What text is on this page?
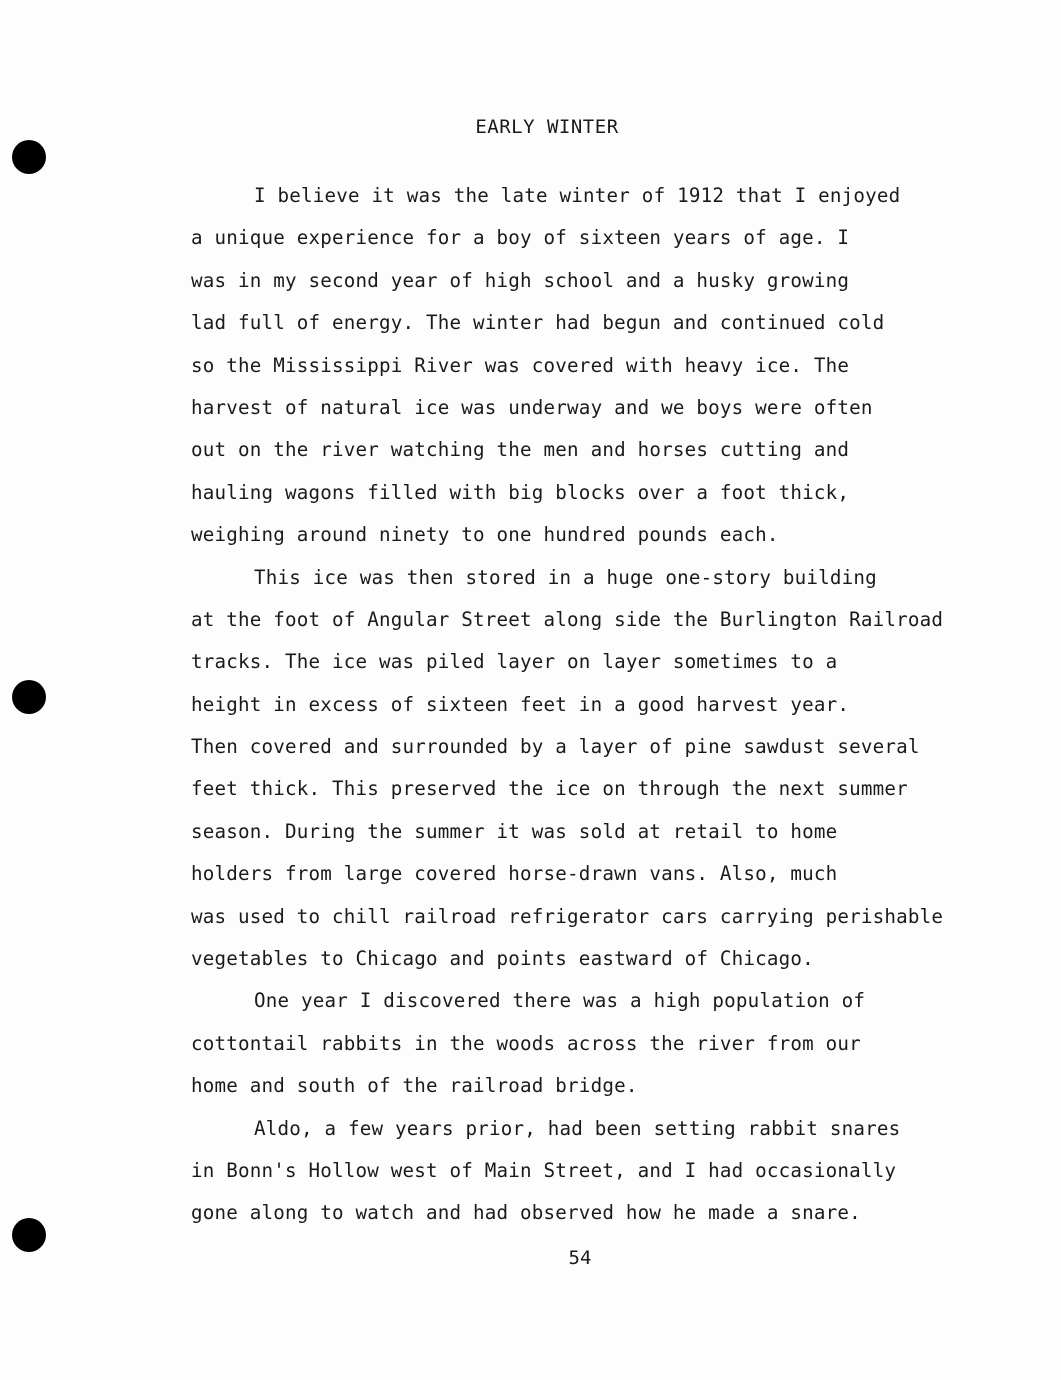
EARLY WINTER
I believe it was the late winter of 1912 that I enjoyed
a unique experience for a boy of sixteen years of age. I
was in my second year of high school and a husky growing
lad full of energy. The winter had begun and continued cold
so the Mississippi River was covered with heavy ice. The
harvest of natural ice was underway and we boys were often
out on the river watching the men and horses cutting and
hauling wagons filled with big blocks over a foot thick,
weighing around ninety to one hundred pounds each.
This ice was then stored in a huge one-story building
at the foot of Angular Street along side the Burlington Railroad
tracks. The ice was piled layer on layer sometimes to a
height in excess of sixteen feet in a good harvest year.
Then covered and surrounded by a layer of pine sawdust several
feet thick. This preserved the ice on through the next summer
season. During the summer it was sold at retail to home
holders from large covered horse-drawn vans. Also, much
was used to chill railroad refrigerator cars carrying perishable
vegetables to Chicago and points eastward of Chicago.
One year I discovered there was a high population of
cottontail rabbits in the woods across the river from our
home and south of the railroad bridge.
Aldo, a few years prior, had been setting rabbit snares
in Bonn's Hollow west of Main Street, and I had occasionally
gone along to watch and had observed how he made a snare.
54
